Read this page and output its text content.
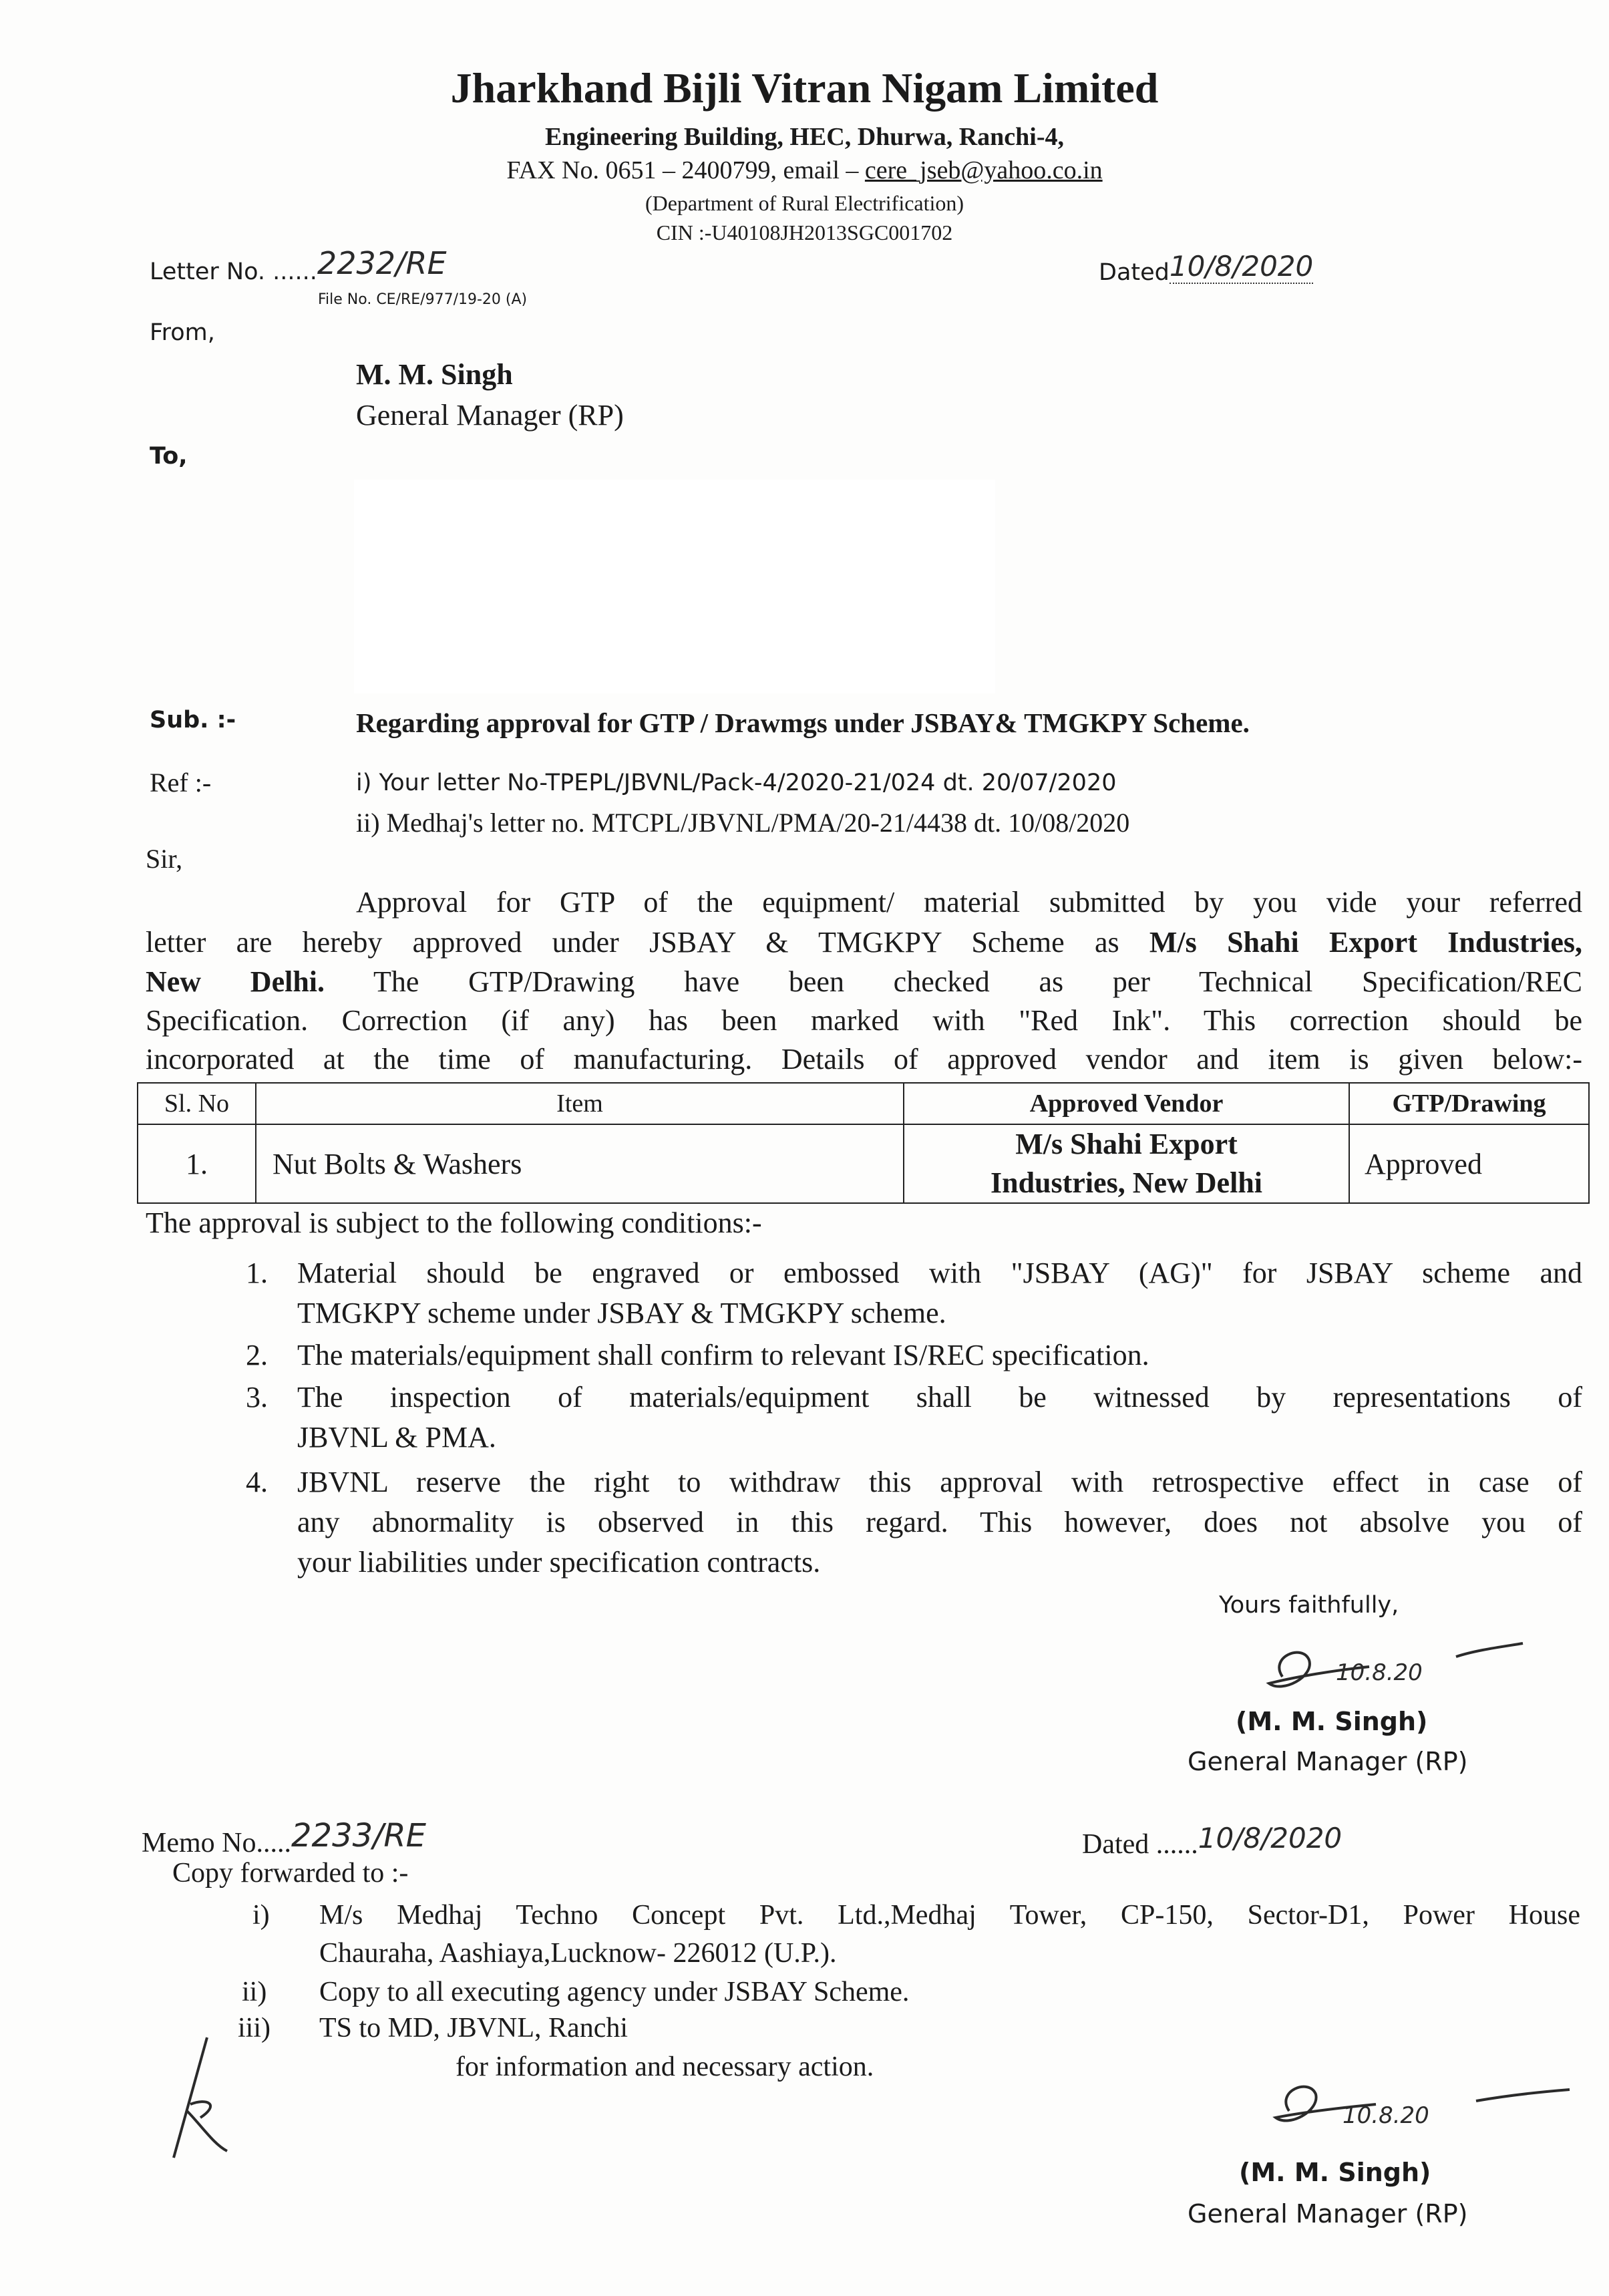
Jharkhand Bijli Vitran Nigam Limited
Engineering Building, HEC, Dhurwa, Ranchi-4,
FAX No. 0651 – 2400799, email – cere_jseb@yahoo.co.in
(Department of Rural Electrification)
CIN :-U40108JH2013SGC001702
Letter No. ......2232/RE
File No. CE/RE/977/19-20 (A)
Dated10/8/2020
From,
M. M. Singh
General Manager (RP)
To,
Sub. :-	Regarding approval for GTP / Drawmgs under JSBAY& TMGKPY Scheme.
Ref :-	i) Your letter No-TPEPL/JBVNL/Pack-4/2020-21/024 dt. 20/07/2020
ii) Medhaj's letter no. MTCPL/JBVNL/PMA/20-21/4438 dt. 10/08/2020
Sir,
Approval for GTP of the equipment/ material submitted by you vide your referred
letter are hereby approved under JSBAY & TMGKPY Scheme as M/s Shahi Export Industries,
New Delhi. The GTP/Drawing have been checked as per Technical Specification/REC
Specification. Correction (if any) has been marked with "Red Ink". This correction should be
incorporated at the time of manufacturing. Details of approved vendor and item is given below:-
Sl. No	Item	Approved Vendor	GTP/Drawing
1.	Nut Bolts & Washers	M/s Shahi Export
Industries, New Delhi	Approved
The approval is subject to the following conditions:-
1. Material should be engraved or embossed with "JSBAY (AG)" for JSBAY scheme and
TMGKPY scheme under JSBAY & TMGKPY scheme.
2. The materials/equipment shall confirm to relevant IS/REC specification.
3. The inspection of materials/equipment shall be witnessed by representations of
JBVNL & PMA.
4. JBVNL reserve the right to withdraw this approval with retrospective effect in case of
any abnormality is observed in this regard. This however, does not absolve you of
your liabilities under specification contracts.
Yours faithfully,
10.8.20
(M. M. Singh)
General Manager (RP)
Memo No.....2233/RE	Dated ......10/8/2020
Copy forwarded to :-
i) M/s Medhaj Techno Concept Pvt. Ltd.,Medhaj Tower, CP-150, Sector-D1, Power House
Chauraha, Aashiaya,Lucknow- 226012 (U.P.).
ii) Copy to all executing agency under JSBAY Scheme.
iii) TS to MD, JBVNL, Ranchi
for information and necessary action.
10.8.20
(M. M. Singh)
General Manager (RP)
